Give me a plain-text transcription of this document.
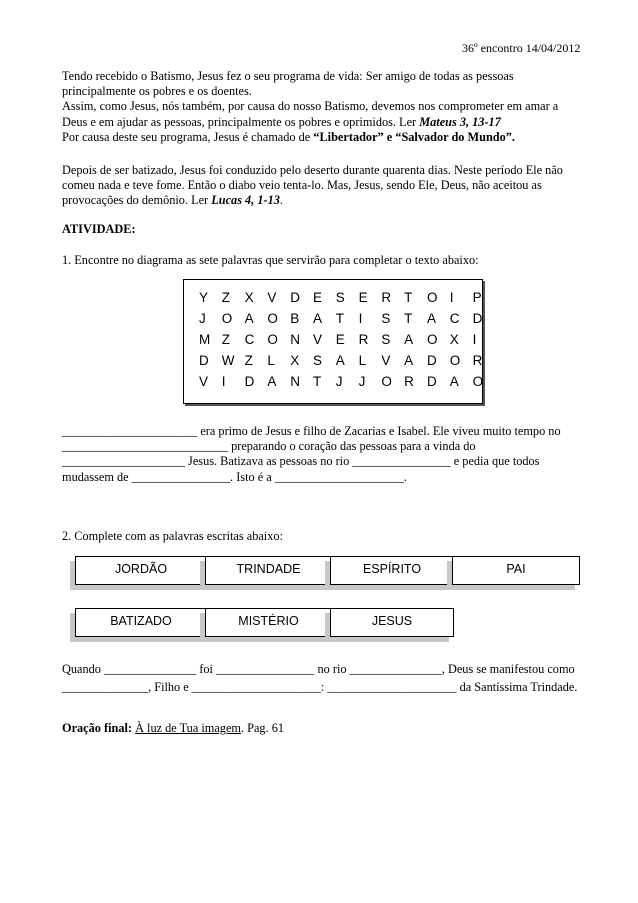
36º encontro 14/04/2012
Tendo recebido o Batismo, Jesus fez o seu programa de vida: Ser amigo de todas as pessoas
principalmente os pobres e os doentes.
Assim, como Jesus, nós também, por causa do nosso Batismo, devemos nos comprometer em amar a
Deus e em ajudar as pessoas, principalmente os pobres e oprimidos. Ler Mateus 3, 13-17
Por causa deste seu programa, Jesus é chamado de “Libertador” e “Salvador do Mundo”.
Depois de ser batizado, Jesus foi conduzido pelo deserto durante quarenta dias. Neste período Ele não
comeu nada e teve fome. Então o diabo veio tenta-lo. Mas, Jesus, sendo Ele, Deus, não aceitou as
provocações do demônio. Ler Lucas 4, 1-13.
ATIVIDADE:
1. Encontre no diagrama as sete palavras que servirão para completar o texto abaixo:
Y	Z	X	V	D E	S	E	R T	O I	P
J	O A	O B	A	T	I	S	T	A	C D
M Z	C O N V	E	R S	A	O X	I
D W Z	L	X	S	A	L	V	A	D O R
V	I	D A	N T	J	J	O R D A	O
______________________ era primo de Jesus e filho de Zacarias e Isabel. Ele viveu muito tempo no
___________________________ preparando o coração das pessoas para a vinda do
____________________ Jesus. Batizava as pessoas no rio ________________ e pedia que todos
mudassem de ________________. Isto é a _____________________.
2. Complete com as palavras escritas abaixo:
JORDÃO	TRINDADE	ESPÍRITO	PAI
BATIZADO	MISTÉRIO	JESUS
Quando _______________ foi ________________ no rio _______________, Deus se manifestou como
______________, Filho e _____________________: _____________________ da Santíssima Trindade.
Oração final: À luz de Tua imagem. Pag. 61
